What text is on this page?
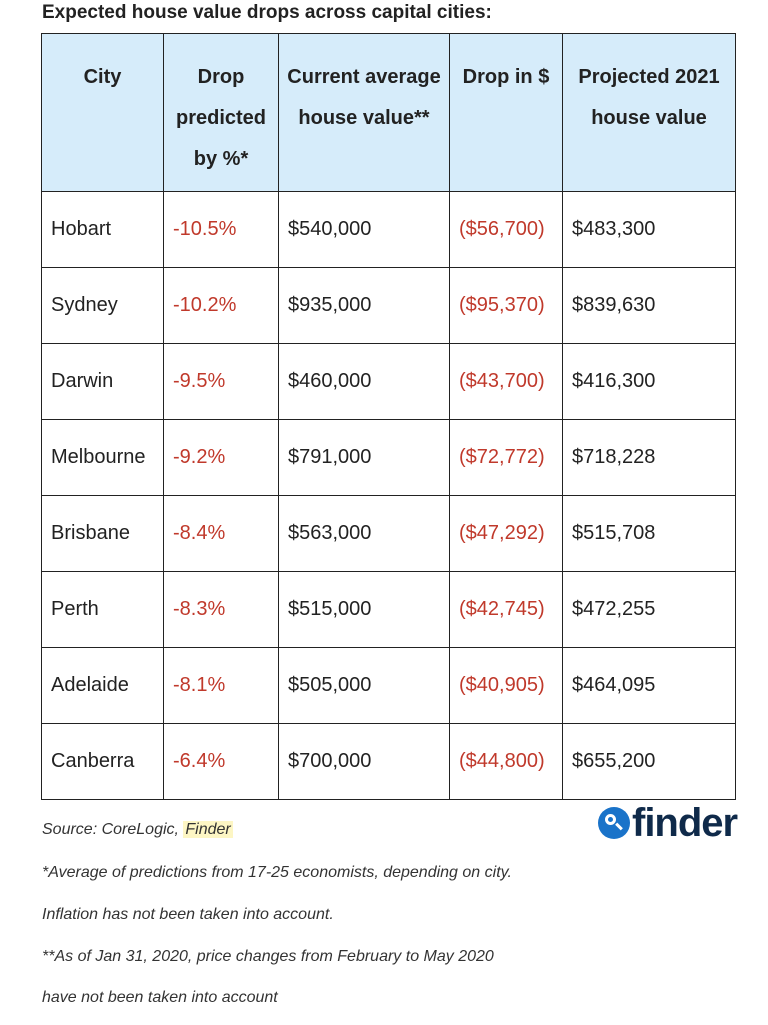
Expected house value drops across capital cities:
City	Drop predicted by %*	Current average house value**	Drop in $	Projected 2021 house value
Hobart	-10.5%	$540,000	($56,700)	$483,300
Sydney	-10.2%	$935,000	($95,370)	$839,630
Darwin	-9.5%	$460,000	($43,700)	$416,300
Melbourne	-9.2%	$791,000	($72,772)	$718,228
Brisbane	-8.4%	$563,000	($47,292)	$515,708
Perth	-8.3%	$515,000	($42,745)	$472,255
Adelaide	-8.1%	$505,000	($40,905)	$464,095
Canberra	-6.4%	$700,000	($44,800)	$655,200
Source: CoreLogic, Finder	finder
*Average of predictions from 17-25 economists, depending on city.
Inflation has not been taken into account.
**As of Jan 31, 2020, price changes from February to May 2020
have not been taken into account
